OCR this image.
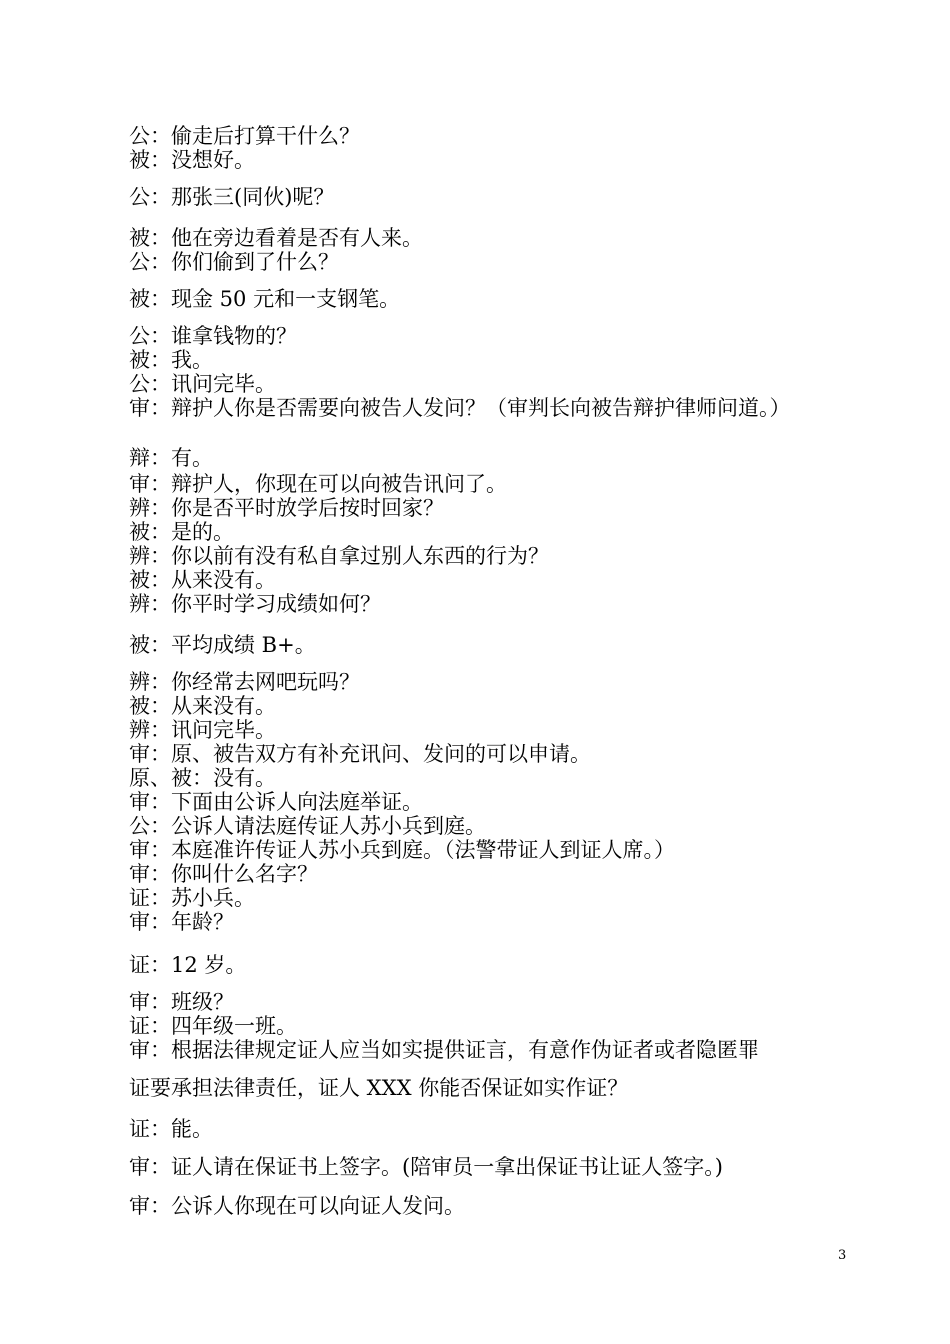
公：偷走后打算干什么？
被：没想好。
公：那张三(同伙)呢？
被：他在旁边看着是否有人来。
公：你们偷到了什么？
被：现金 50 元和一支钢笔。
公：谁拿钱物的？
被：我。
公：讯问完毕。
审：辩护人你是否需要向被告人发问？（审判长向被告辩护律师问道。）
辩：有。
审：辩护人，你现在可以向被告讯问了。
辨：你是否平时放学后按时回家？
被：是的。
辨：你以前有没有私自拿过别人东西的行为？
被：从来没有。
辨：你平时学习成绩如何？
被：平均成绩 B+。
辨：你经常去网吧玩吗？
被：从来没有。
辨：讯问完毕。
审：原、被告双方有补充讯问、发问的可以申请。
原、被：没有。
审：下面由公诉人向法庭举证。
公：公诉人请法庭传证人苏小兵到庭。
审：本庭准许传证人苏小兵到庭。（法警带证人到证人席。）
审：你叫什么名字？
证：苏小兵。
审：年龄？
证：12 岁。
审：班级？
证：四年级一班。
审：根据法律规定证人应当如实提供证言，有意作伪证者或者隐匿罪
证要承担法律责任，证人 XXX 你能否保证如实作证？
证：能。
审：证人请在保证书上签字。(陪审员一拿出保证书让证人签字。)
审：公诉人你现在可以向证人发问。
3
